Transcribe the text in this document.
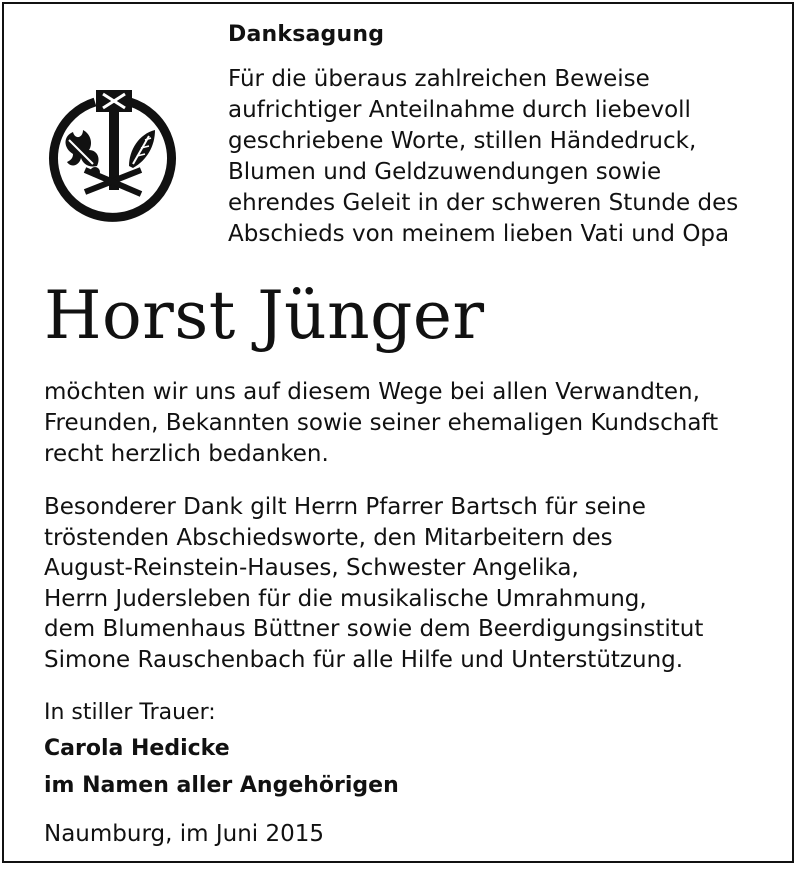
Danksagung
Für die überaus zahlreichen Beweise
aufrichtiger Anteilnahme durch liebevoll
geschriebene Worte, stillen Händedruck,
Blumen und Geldzuwendungen sowie
ehrendes Geleit in der schweren Stunde des
Abschieds von meinem lieben Vati und Opa
Horst Jünger
möchten wir uns auf diesem Wege bei allen Verwandten,
Freunden, Bekannten sowie seiner ehemaligen Kundschaft
recht herzlich bedanken.
Besonderer Dank gilt Herrn Pfarrer Bartsch für seine
tröstenden Abschiedsworte, den Mitarbeitern des
August-Reinstein-Hauses, Schwester Angelika,
Herrn Judersleben für die musikalische Umrahmung,
dem Blumenhaus Büttner sowie dem Beerdigungsinstitut
Simone Rauschenbach für alle Hilfe und Unterstützung.
In stiller Trauer:
Carola Hedicke
im Namen aller Angehörigen
Naumburg, im Juni 2015
